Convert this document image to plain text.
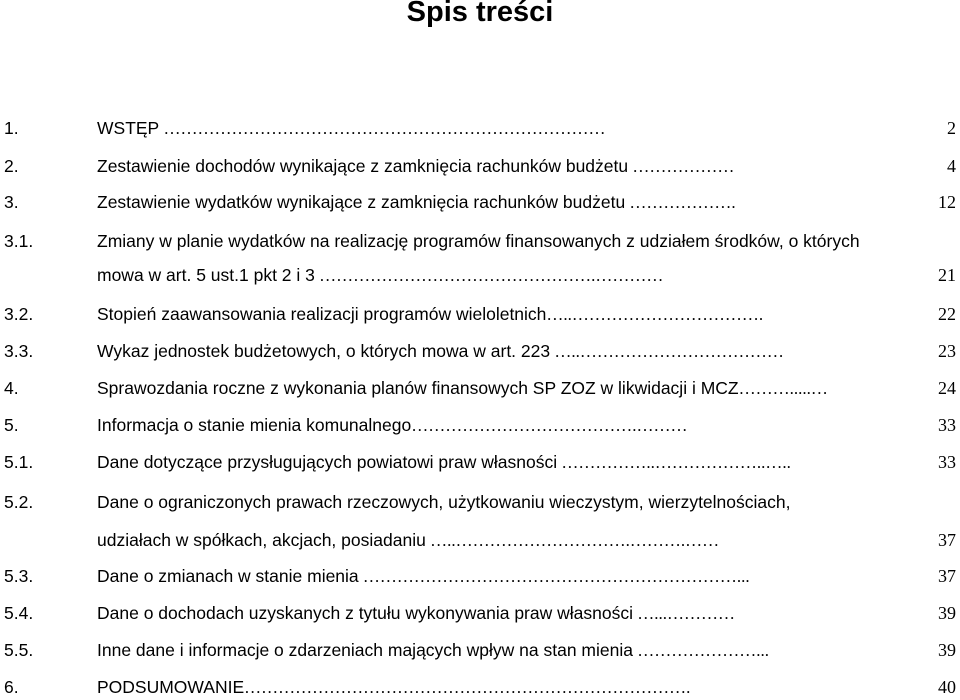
Spis treści
1.	WSTĘP ……………………………………………………………………	2
2.	Zestawienie dochodów wynikające z zamknięcia rachunków budżetu ………………	4
3.	Zestawienie wydatków wynikające z zamknięcia rachunków budżetu ……………….	12
3.1.	Zmiany w planie wydatków na realizację programów finansowanych z udziałem środków, o których
mowa w art. 5 ust.1 pkt 2 i 3 ………………………………………….…………	21
3.2.	Stopień zaawansowania realizacji programów wieloletnich…..…………………………….	22
3.3.	Wykaz jednostek budżetowych, o których mowa w art. 223 …..………………………………	23
4.	Sprawozdania roczne z wykonania planów finansowych SP ZOZ w likwidacji i MCZ……….....…	24
5.	Informacja o stanie mienia komunalnego………………………………….………	33
5.1.	Dane dotyczące przysługujących powiatowi praw własności ……………..………………..…..	33
5.2.	Dane o ograniczonych prawach rzeczowych, użytkowaniu wieczystym, wierzytelnościach,
udziałach w spółkach, akcjach, posiadaniu …..………………………….……….……	37
5.3.	Dane o zmianach w stanie mienia …………………………………………………………...	37
5.4.	Dane o dochodach uzyskanych z tytułu wykonywania praw własności …...…………	39
5.5.	Inne dane i informacje o zdarzeniach mających wpływ na stan mienia …………………...	39
6.	PODSUMOWANIE…………………………………………………………………….	40
